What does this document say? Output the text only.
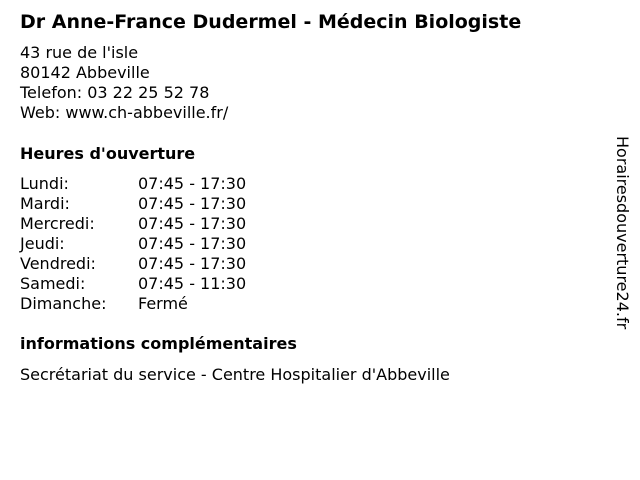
Dr Anne-France Dudermel - Médecin Biologiste
43 rue de l'isle
80142 Abbeville
Telefon: 03 22 25 52 78
Web: www.ch-abbeville.fr/
Heures d'ouverture
Lundi:	07:45 - 17:30
Mardi:	07:45 - 17:30
Mercredi:	07:45 - 17:30
Jeudi:	07:45 - 17:30
Vendredi:	07:45 - 17:30
Samedi:	07:45 - 11:30
Dimanche:	Fermé
informations complémentaires
Secrétariat du service - Centre Hospitalier d'Abbeville
Horairesdouverture24.fr
